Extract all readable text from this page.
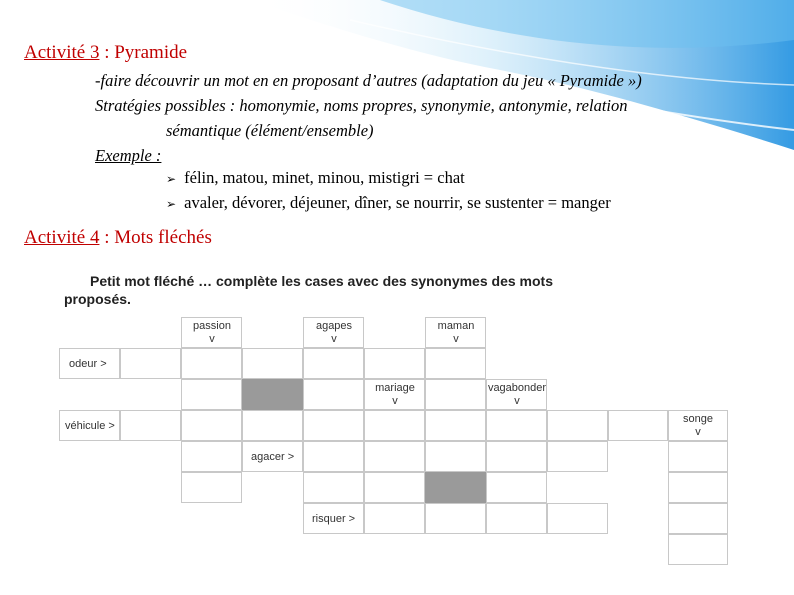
Activité 3 : Pyramide
-faire découvrir un mot en en proposant d’autres (adaptation du jeu « Pyramide »)
Stratégies possibles : homonymie, noms propres, synonymie, antonymie, relation
sémantique (élément/ensemble)
Exemple :
➢ félin, matou, minet, minou, mistigri = chat
➢ avaler, dévorer, déjeuner, dîner, se nourrir, se sustenter = manger
Activité 4 : Mots fléchés
Petit mot fléché … complète les cases avec des synonymes des mots
proposés.
passion
v
agapes
v
maman
v
odeur >
mariage
v
vagabonder
v
véhicule >
songe
v
agacer >
risquer >
